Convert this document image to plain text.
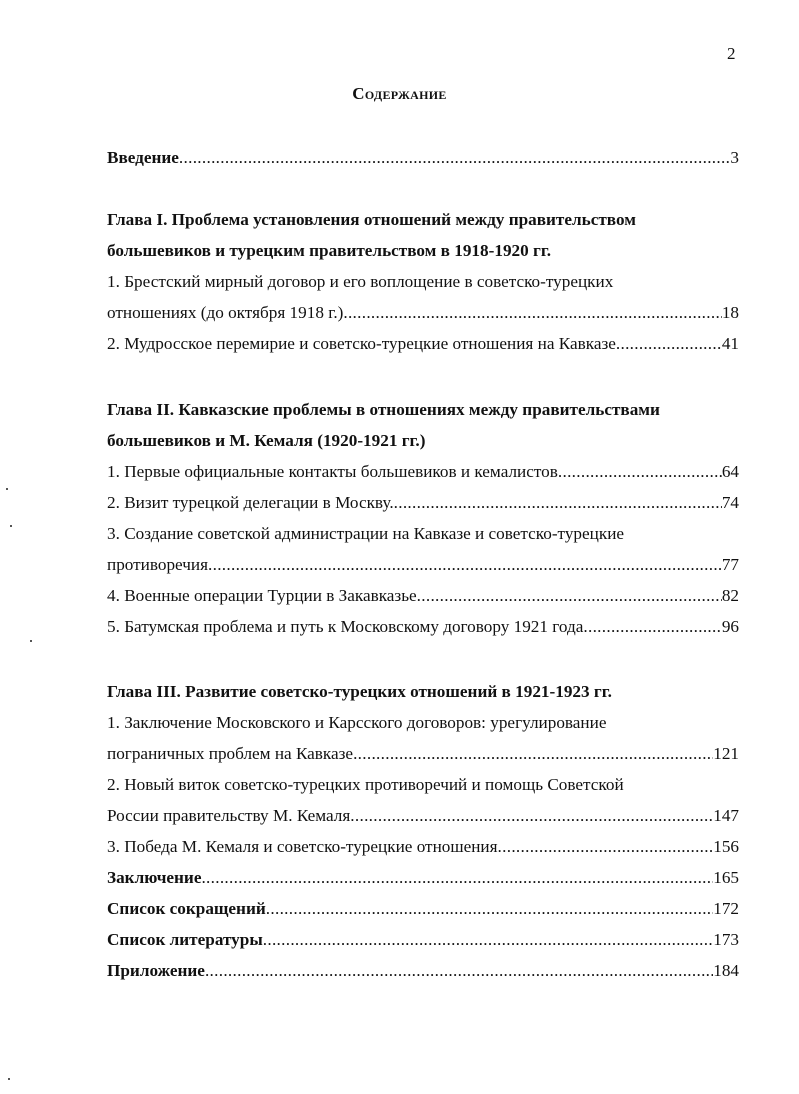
2
Содержание
Введение . . .	3
Глава I. Проблема установления отношений между правительством
большевиков и турецким правительством в 1918-1920 гг.
1. Брестский мирный договор и его воплощение в советско-турецких
отношениях (до октября 1918 г.) . . .	18
2. Мудросское перемирие и советско-турецкие отношения на Кавказе . . .	41
Глава II. Кавказские проблемы в отношениях между правительствами
большевиков и М. Кемаля (1920-1921 гг.)
1. Первые официальные контакты большевиков и кемалистов . . .	64
2. Визит турецкой делегации в Москву. . . .	74
3. Создание советской администрации на Кавказе и советско-турецкие
противоречия . . .	77
4. Военные операции Турции в Закавказье . . .	82
5. Батумская проблема и путь к Московскому договору 1921 года . . .	96
Глава III. Развитие советско-турецких отношений в 1921-1923 гг.
1. Заключение Московского и Карсского договоров: урегулирование
пограничных проблем на Кавказе . . .	121
2. Новый виток советско-турецких противоречий и помощь Советской
России правительству М. Кемаля . . .	147
3. Победа М. Кемаля и советско-турецкие отношения . . .	156
Заключение . . .	165
Список сокращений . . .	172
Список литературы . . .	173
Приложение . . .	184
